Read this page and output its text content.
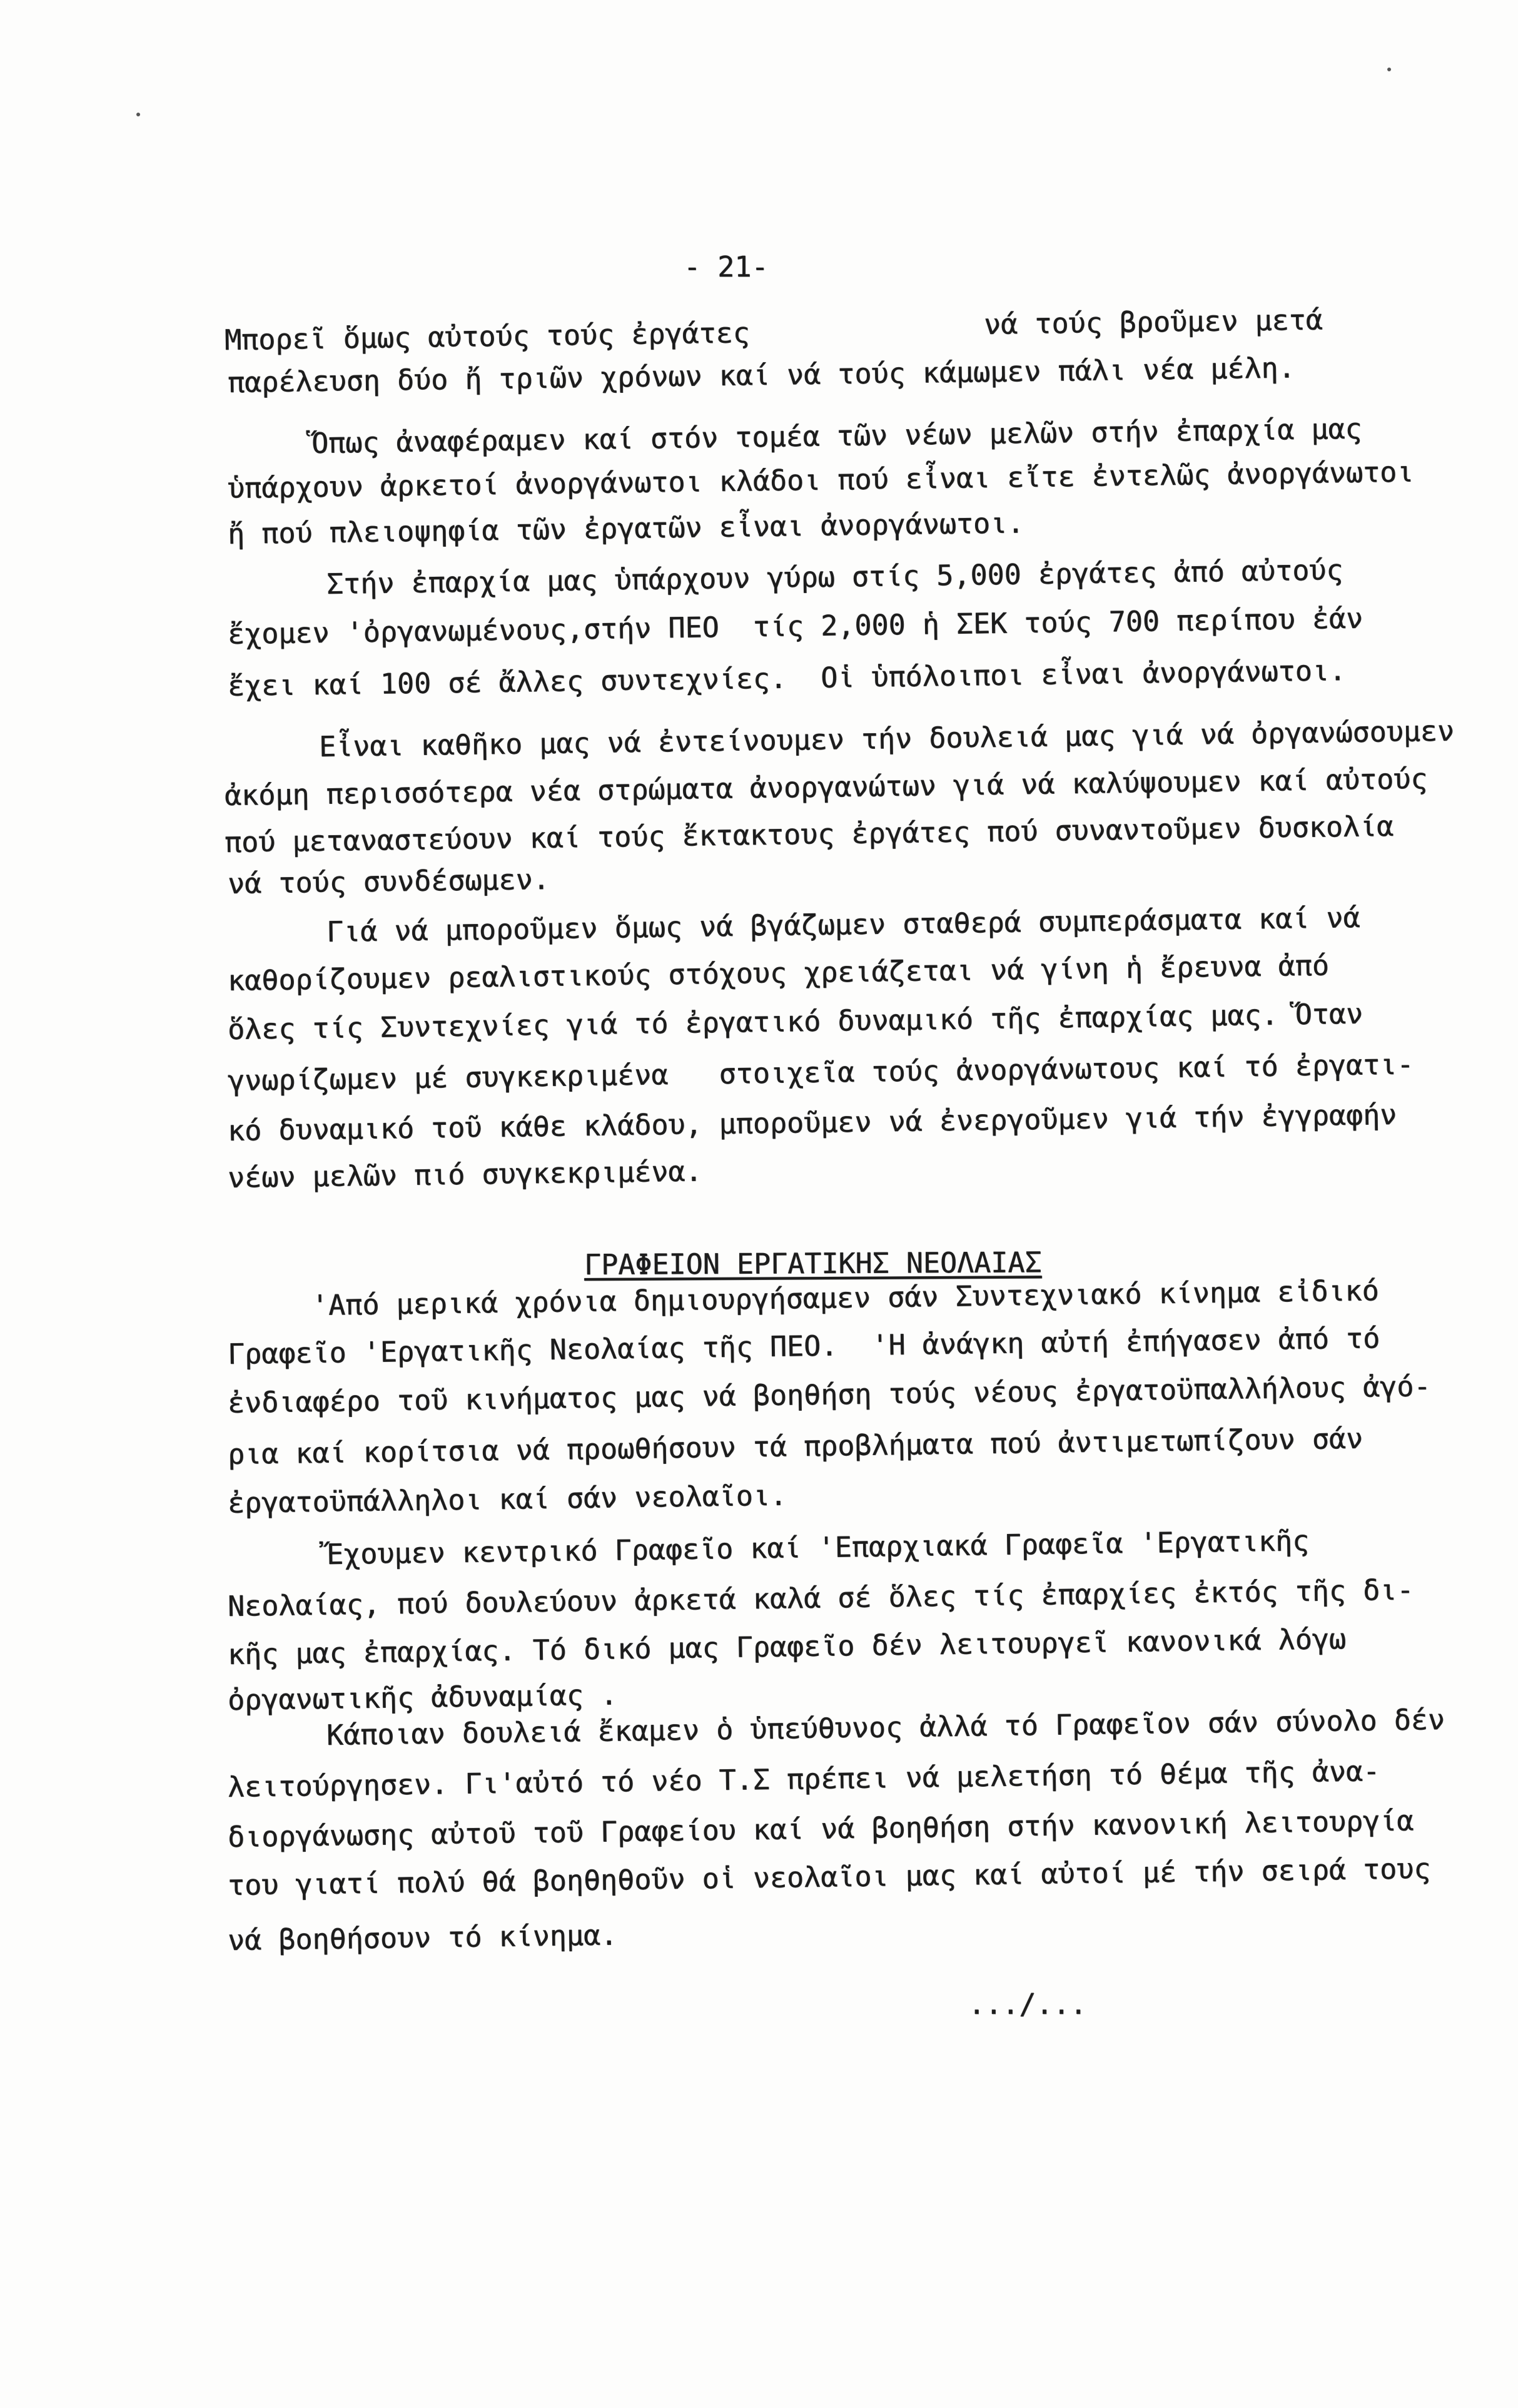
- 21-
Μπορεῖ ὅμως αὐτούς τούς ἐργάτες	νά τούς βροῦμεν μετά
παρέλευση δύο ἤ τριῶν χρόνων καί νά τούς κάμωμεν πάλι νέα μέλη.
Ὅπως ἀναφέραμεν καί στόν τομέα τῶν νέων μελῶν στήν ἐπαρχία μας
ὑπάρχουν ἀρκετοί ἀνοργάνωτοι κλάδοι πού εἶναι εἴτε ἐντελῶς ἀνοργάνωτοι
ἤ πού πλειοψηφία τῶν ἐργατῶν εἶναι ἀνοργάνωτοι.
Στήν ἐπαρχία μας ὑπάρχουν γύρω στίς 5,000 ἐργάτες ἀπό αὐτούς
ἔχομεν 'ὀργανωμένους,στήν ΠΕΟ  τίς 2,000 ἡ ΣΕΚ τούς 700 περίπου ἐάν
ἔχει καί 100 σέ ἄλλες συντεχνίες.  Οἱ ὑπόλοιποι εἶναι ἀνοργάνωτοι.
Εἶναι καθῆκο μας νά ἐντείνουμεν τήν δουλειά μας γιά νά ὀργανώσουμεν
ἀκόμη περισσότερα νέα στρώματα ἀνοργανώτων γιά νά καλύψουμεν καί αὐτούς
πού μεταναστεύουν καί τούς ἔκτακτους ἐργάτες πού συναντοῦμεν δυσκολία
νά τούς συνδέσωμεν.
Γιά νά μποροῦμεν ὅμως νά βγάζωμεν σταθερά συμπεράσματα καί νά
καθορίζουμεν ρεαλιστικούς στόχους χρειάζεται νά γίνη ἡ ἔρευνα ἀπό
ὅλες τίς Συντεχνίες γιά τό ἐργατικό δυναμικό τῆς ἐπαρχίας μας. Ὅταν
γνωρίζωμεν μέ συγκεκριμένα   στοιχεῖα τούς ἀνοργάνωτους καί τό ἐργατι-
κό δυναμικό τοῦ κάθε κλάδου, μποροῦμεν νά ἐνεργοῦμεν γιά τήν ἐγγραφήν
νέων μελῶν πιό συγκεκριμένα.
ΓΡΑΦΕΙΟΝ ΕΡΓΑΤΙΚΗΣ ΝΕΟΛΑΙΑΣ
'Από μερικά χρόνια δημιουργήσαμεν σάν Συντεχνιακό κίνημα εἰδικό
Γραφεῖο 'Εργατικῆς Νεολαίας τῆς ΠΕΟ.  'Η ἀνάγκη αὐτή ἐπήγασεν ἀπό τό
ἐνδιαφέρο τοῦ κινήματος μας νά βοηθήση τούς νέους ἐργατοϋπαλλήλους ἀγό-
ρια καί κορίτσια νά προωθήσουν τά προβλήματα πού ἀντιμετωπίζουν σάν
ἐργατοϋπάλληλοι καί σάν νεολαῖοι.
Ἔχουμεν κεντρικό Γραφεῖο καί 'Επαρχιακά Γραφεῖα 'Εργατικῆς
Νεολαίας, πού δουλεύουν ἀρκετά καλά σέ ὅλες τίς ἐπαρχίες ἐκτός τῆς δι-
κῆς μας ἐπαρχίας. Τό δικό μας Γραφεῖο δέν λειτουργεῖ κανονικά λόγω
ὀργανωτικῆς ἀδυναμίας .
Κάποιαν δουλειά ἔκαμεν ὁ ὑπεύθυνος ἀλλά τό Γραφεῖον σάν σύνολο δέν
λειτούργησεν. Γι'αὐτό τό νέο Τ.Σ πρέπει νά μελετήση τό θέμα τῆς ἀνα-
διοργάνωσης αὐτοῦ τοῦ Γραφείου καί νά βοηθήση στήν κανονική λειτουργία
του γιατί πολύ θά βοηθηθοῦν οἱ νεολαῖοι μας καί αὐτοί μέ τήν σειρά τους
νά βοηθήσουν τό κίνημα.
.../...
